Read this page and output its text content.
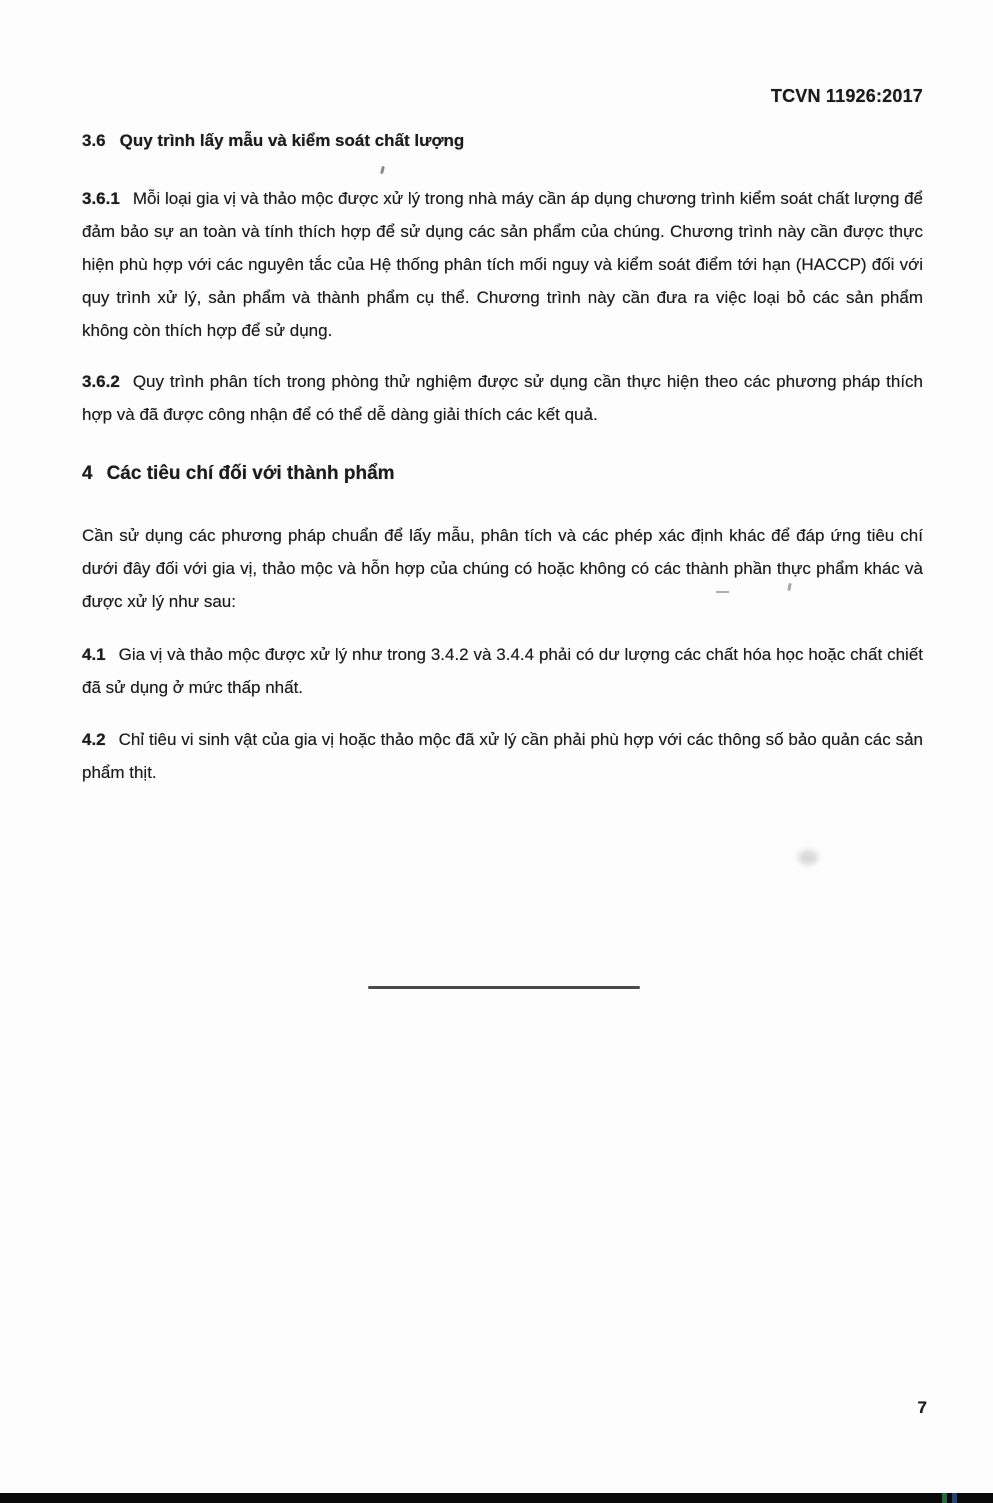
TCVN 11926:2017
3.6 Quy trình lấy mẫu và kiểm soát chất lượng
3.6.1 Mỗi loại gia vị và thảo mộc được xử lý trong nhà máy cần áp dụng chương trình kiểm soát chất lượng để đảm bảo sự an toàn và tính thích hợp để sử dụng các sản phẩm của chúng. Chương trình này cần được thực hiện phù hợp với các nguyên tắc của Hệ thống phân tích mối nguy và kiểm soát điểm tới hạn (HACCP) đối với quy trình xử lý, sản phẩm và thành phẩm cụ thể. Chương trình này cần đưa ra việc loại bỏ các sản phẩm không còn thích hợp để sử dụng.
3.6.2 Quy trình phân tích trong phòng thử nghiệm được sử dụng cần thực hiện theo các phương pháp thích hợp và đã được công nhận để có thể dễ dàng giải thích các kết quả.
4 Các tiêu chí đối với thành phẩm
Cần sử dụng các phương pháp chuẩn để lấy mẫu, phân tích và các phép xác định khác để đáp ứng tiêu chí dưới đây đối với gia vị, thảo mộc và hỗn hợp của chúng có hoặc không có các thành phần thực phẩm khác và được xử lý như sau:
4.1 Gia vị và thảo mộc được xử lý như trong 3.4.2 và 3.4.4 phải có dư lượng các chất hóa học hoặc chất chiết đã sử dụng ở mức thấp nhất.
4.2 Chỉ tiêu vi sinh vật của gia vị hoặc thảo mộc đã xử lý cần phải phù hợp với các thông số bảo quản các sản phẩm thịt.
7
